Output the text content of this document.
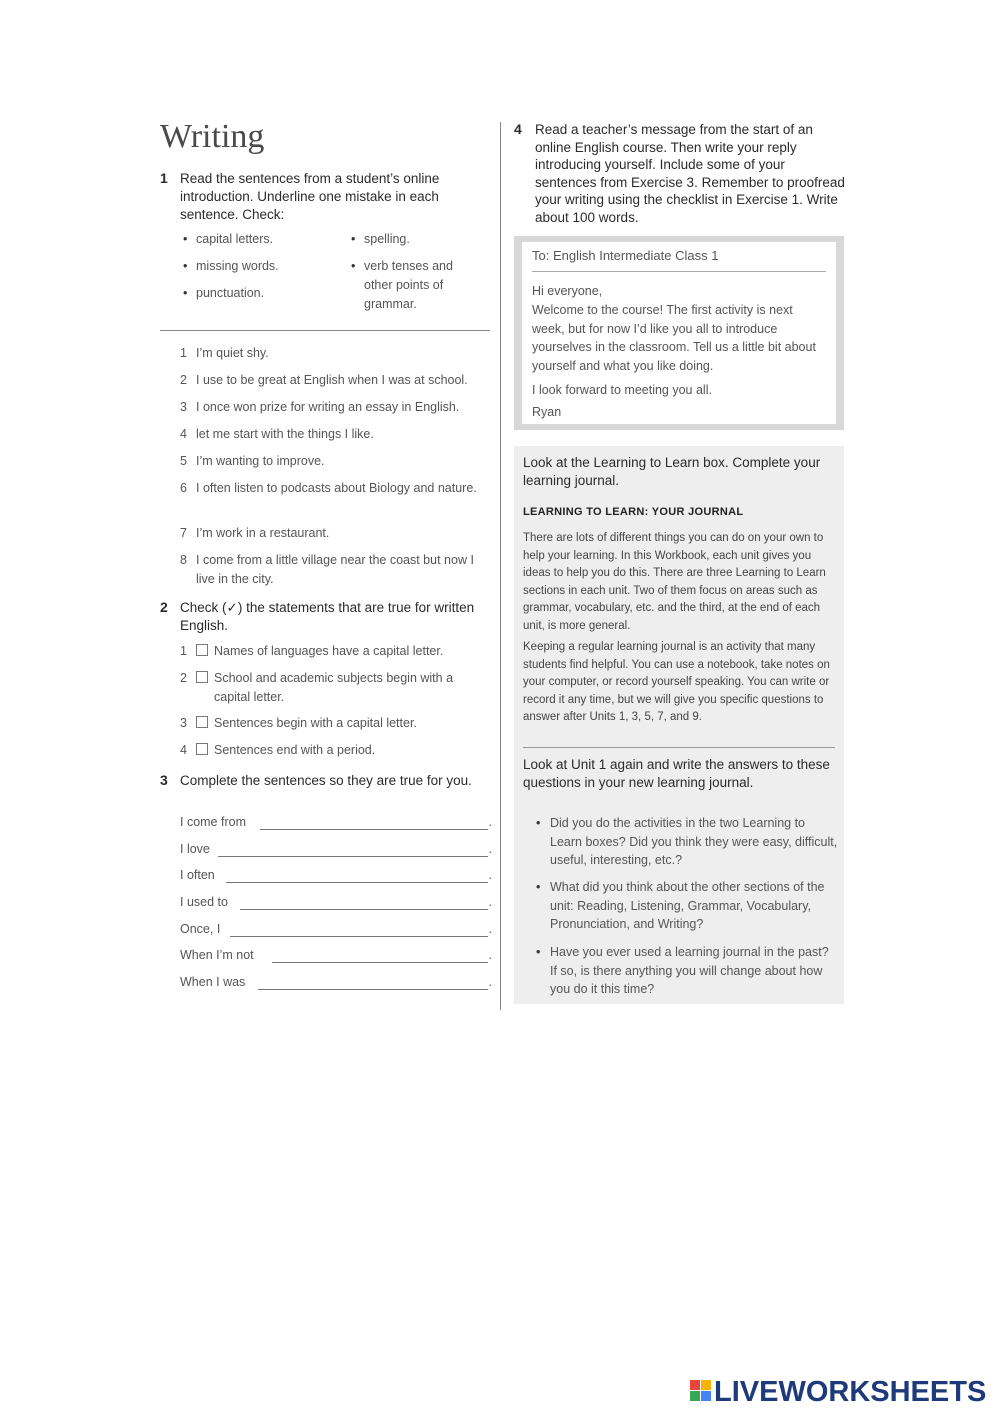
Writing
1 Read the sentences from a student’s online introduction. Underline one mistake in each sentence. Check:
• capital letters.
• missing words.
• punctuation.
• spelling.
• verb tenses and other points of grammar.
1 I’m quiet shy.
2 I use to be great at English when I was at school.
3 I once won prize for writing an essay in English.
4 let me start with the things I like.
5 I’m wanting to improve.
6 I often listen to podcasts about Biology and nature.
7 I’m work in a restaurant.
8 I come from a little village near the coast but now I live in the city.
2 Check (✓) the statements that are true for written English.
1	Names of languages have a capital letter.
2	School and academic subjects begin with a capital letter.
3	Sentences begin with a capital letter.
4	Sentences end with a period.
3 Complete the sentences so they are true for you.
I come from	.
I love	.
I often	.
I used to	.
Once, I	.
When I’m not	.
When I was	.
4 Read a teacher’s message from the start of an online English course. Then write your reply introducing yourself. Include some of your sentences from Exercise 3. Remember to proofread your writing using the checklist in Exercise 1. Write about 100 words.
To: English Intermediate Class 1
Hi everyone,
Welcome to the course! The first activity is next week, but for now I’d like you all to introduce yourselves in the classroom. Tell us a little bit about yourself and what you like doing.
I look forward to meeting you all.
Ryan
Look at the Learning to Learn box. Complete your learning journal.
LEARNING TO LEARN: YOUR JOURNAL
There are lots of different things you can do on your own to help your learning. In this Workbook, each unit gives you ideas to help you do this. There are three Learning to Learn sections in each unit. Two of them focus on areas such as grammar, vocabulary, etc. and the third, at the end of each unit, is more general.
Keeping a regular learning journal is an activity that many students find helpful. You can use a notebook, take notes on your computer, or record yourself speaking. You can write or record it any time, but we will give you specific questions to answer after Units 1, 3, 5, 7, and 9.
Look at Unit 1 again and write the answers to these questions in your new learning journal.
• Did you do the activities in the two Learning to Learn boxes? Did you think they were easy, difficult, useful, interesting, etc.?
• What did you think about the other sections of the unit: Reading, Listening, Grammar, Vocabulary, Pronunciation, and Writing?
• Have you ever used a learning journal in the past? If so, is there anything you will change about how you do it this time?
LIVEWORKSHEETS
